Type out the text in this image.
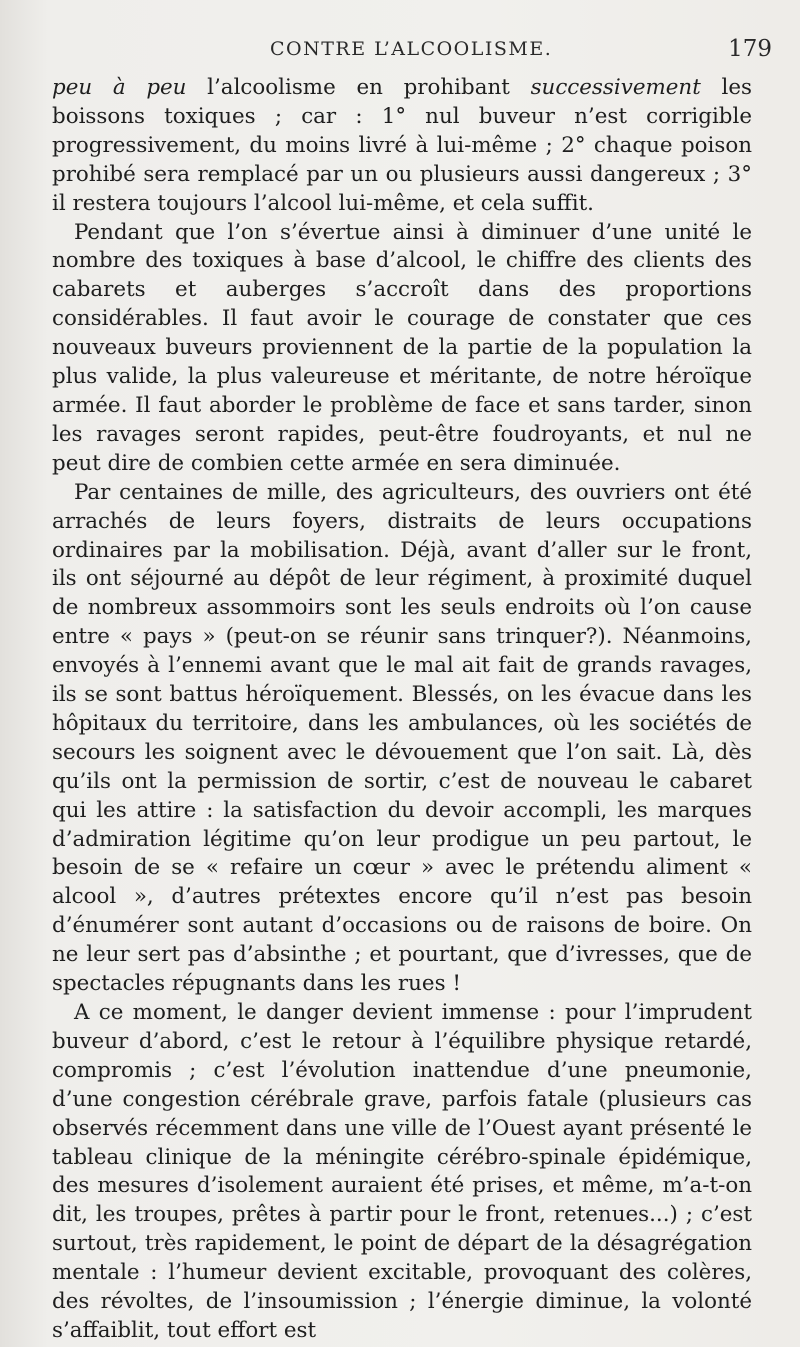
CONTRE L’ALCOOLISME.	179

peu à peu l’alcoolisme en prohibant successivement les boissons toxiques ; car : 1° nul buveur n’est corrigible progressivement, du moins livré à lui-même ; 2° chaque poison prohibé sera remplacé par un ou plusieurs aussi dangereux ; 3° il restera toujours l’alcool lui-même, et cela suffit.

Pendant que l’on s’évertue ainsi à diminuer d’une unité le nombre des toxiques à base d’alcool, le chiffre des clients des cabarets et auberges s’accroît dans des proportions considérables. Il faut avoir le courage de constater que ces nouveaux buveurs proviennent de la partie de la population la plus valide, la plus valeureuse et méritante, de notre héroïque armée. Il faut aborder le problème de face et sans tarder, sinon les ravages seront rapides, peut-être foudroyants, et nul ne peut dire de combien cette armée en sera diminuée.

Par centaines de mille, des agriculteurs, des ouvriers ont été arrachés de leurs foyers, distraits de leurs occupations ordinaires par la mobilisation. Déjà, avant d’aller sur le front, ils ont séjourné au dépôt de leur régiment, à proximité duquel de nombreux assommoirs sont les seuls endroits où l’on cause entre « pays » (peut-on se réunir sans trinquer?). Néanmoins, envoyés à l’ennemi avant que le mal ait fait de grands ravages, ils se sont battus héroïquement. Blessés, on les évacue dans les hôpitaux du territoire, dans les ambulances, où les sociétés de secours les soignent avec le dévouement que l’on sait. Là, dès qu’ils ont la permission de sortir, c’est de nouveau le cabaret qui les attire : la satisfaction du devoir accompli, les marques d’admiration légitime qu’on leur prodigue un peu partout, le besoin de se « refaire un cœur » avec le prétendu aliment « alcool », d’autres prétextes encore qu’il n’est pas besoin d’énumérer sont autant d’occasions ou de raisons de boire. On ne leur sert pas d’absinthe ; et pourtant, que d’ivresses, que de spectacles répugnants dans les rues !

A ce moment, le danger devient immense : pour l’imprudent buveur d’abord, c’est le retour à l’équilibre physique retardé, compromis ; c’est l’évolution inattendue d’une pneumonie, d’une congestion cérébrale grave, parfois fatale (plusieurs cas observés récemment dans une ville de l’Ouest ayant présenté le tableau clinique de la méningite cérébro-spinale épidémique, des mesures d’isolement auraient été prises, et même, m’a-t-on dit, les troupes, prêtes à partir pour le front, retenues...) ; c’est surtout, très rapidement, le point de départ de la désagrégation mentale : l’humeur devient excitable, provoquant des colères, des révoltes, de l’insoumission ; l’énergie diminue, la volonté s’affaiblit, tout effort est
